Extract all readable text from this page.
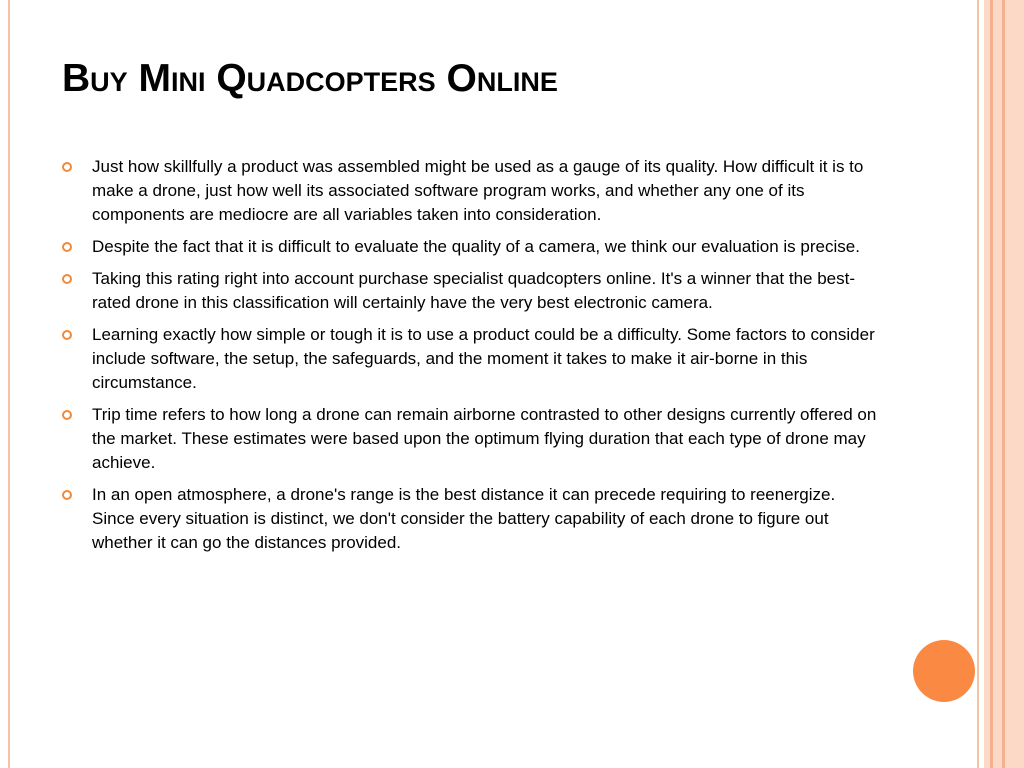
Buy Mini Quadcopters Online
Just how skillfully a product was assembled might be used as a gauge of its quality. How difficult it is to make a drone, just how well its associated software program works, and whether any one of its components are mediocre are all variables taken into consideration.
Despite the fact that it is difficult to evaluate the quality of a camera, we think our evaluation is precise.
Taking this rating right into account purchase specialist quadcopters online. It's a winner that the best-rated drone in this classification will certainly have the very best electronic camera.
Learning exactly how simple or tough it is to use a product could be a difficulty. Some factors to consider include software, the setup, the safeguards, and the moment it takes to make it air-borne in this circumstance.
Trip time refers to how long a drone can remain airborne contrasted to other designs currently offered on the market. These estimates were based upon the optimum flying duration that each type of drone may achieve.
In an open atmosphere, a drone's range is the best distance it can precede requiring to reenergize. Since every situation is distinct, we don't consider the battery capability of each drone to figure out whether it can go the distances provided.
